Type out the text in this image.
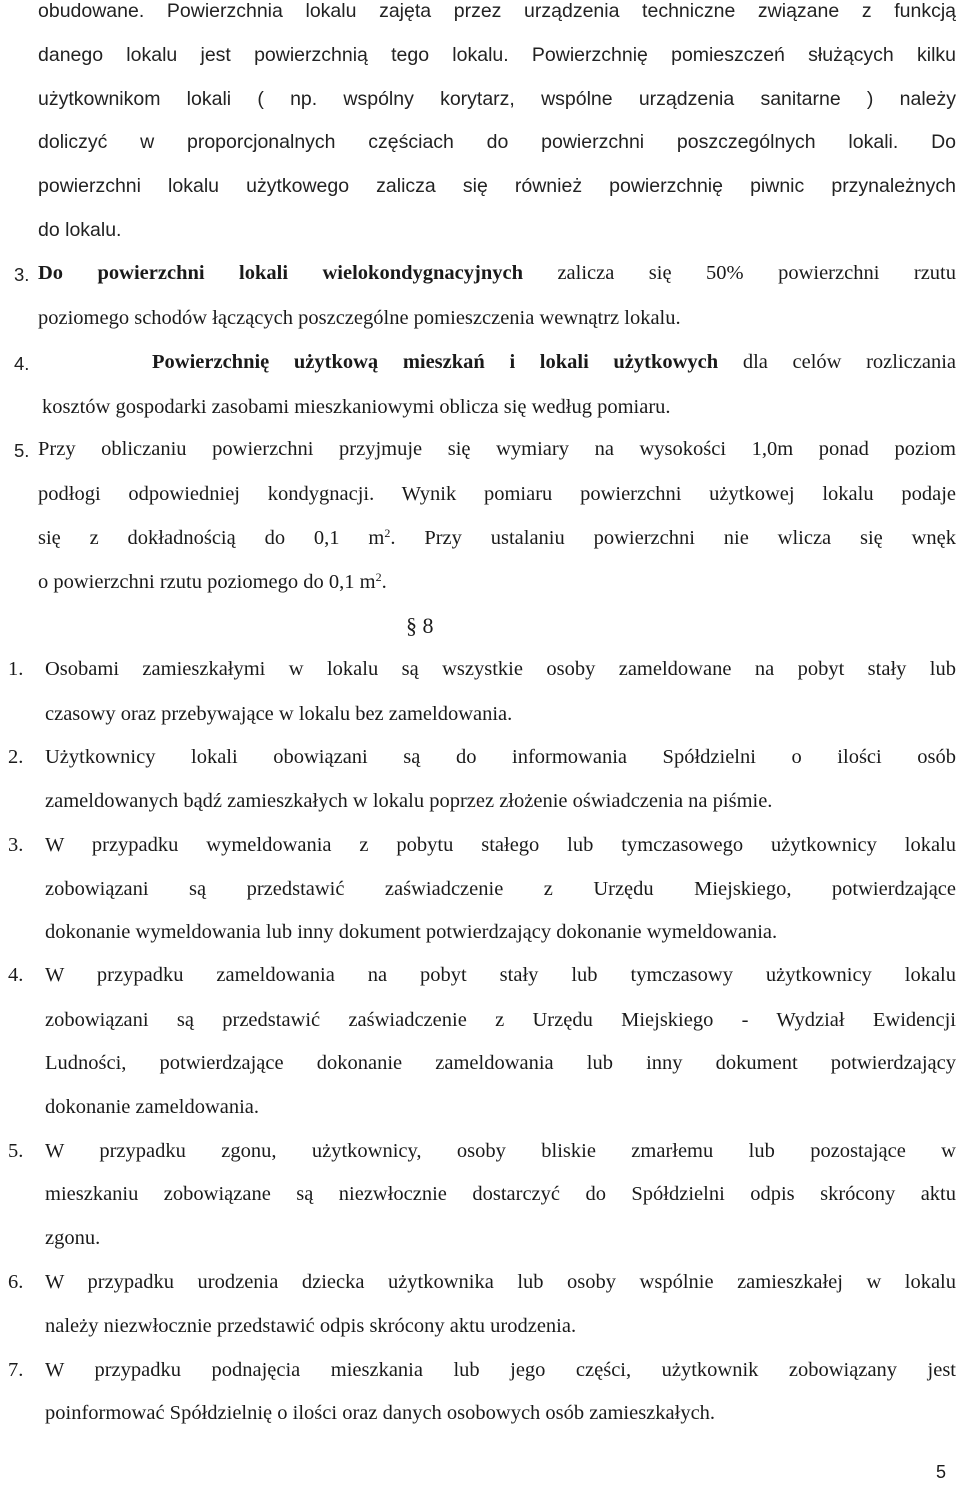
obudowane. Powierzchnia lokalu zajęta przez urządzenia techniczne związane z funkcją
danego lokalu jest powierzchnią tego lokalu. Powierzchnię pomieszczeń służących kilku
użytkownikom lokali ( np. wspólny korytarz, wspólne urządzenia sanitarne ) należy
doliczyć w proporcjonalnych częściach do powierzchni poszczególnych lokali. Do
powierzchni lokalu użytkowego zalicza się również powierzchnię piwnic przynależnych
do lokalu.
3. Do powierzchni lokali wielokondygnacyjnych zalicza się 50% powierzchni rzutu
poziomego schodów łączących poszczególne pomieszczenia wewnątrz lokalu.
4.	Powierzchnię użytkową mieszkań i lokali użytkowych dla celów rozliczania
kosztów gospodarki zasobami mieszkaniowymi oblicza się według pomiaru.
5. Przy obliczaniu powierzchni przyjmuje się wymiary na wysokości 1,0m ponad poziom
podłogi odpowiedniej kondygnacji. Wynik pomiaru powierzchni użytkowej lokalu podaje
się z dokładnością do 0,1 $m^2$. Przy ustalaniu powierzchni nie wlicza się wnęk
o powierzchni rzutu poziomego do 0,1 $m^2$.
§ 8
1. Osobami zamieszkałymi w lokalu są wszystkie osoby zameldowane na pobyt stały lub
czasowy oraz przebywające w lokalu bez zameldowania.
2. Użytkownicy lokali obowiązani są do informowania Spółdzielni o ilości osób
zameldowanych bądź zamieszkałych w lokalu poprzez złożenie oświadczenia na piśmie.
3. W przypadku wymeldowania z pobytu stałego lub tymczasowego użytkownicy lokalu
zobowiązani są przedstawić zaświadczenie z Urzędu Miejskiego, potwierdzające
dokonanie wymeldowania lub inny dokument potwierdzający dokonanie wymeldowania.
4. W przypadku zameldowania na pobyt stały lub tymczasowy użytkownicy lokalu
zobowiązani są przedstawić zaświadczenie z Urzędu Miejskiego - Wydział Ewidencji
Ludności, potwierdzające dokonanie zameldowania lub inny dokument potwierdzający
dokonanie zameldowania.
5. W przypadku zgonu, użytkownicy, osoby bliskie zmarłemu lub pozostające w
mieszkaniu zobowiązane są niezwłocznie dostarczyć do Spółdzielni odpis skrócony aktu
zgonu.
6. W przypadku urodzenia dziecka użytkownika lub osoby wspólnie zamieszkałej w lokalu
należy niezwłocznie przedstawić odpis skrócony aktu urodzenia.
7. W przypadku podnajęcia mieszkania lub jego części, użytkownik zobowiązany jest
poinformować Spółdzielnię o ilości oraz danych osobowych osób zamieszkałych.
5
